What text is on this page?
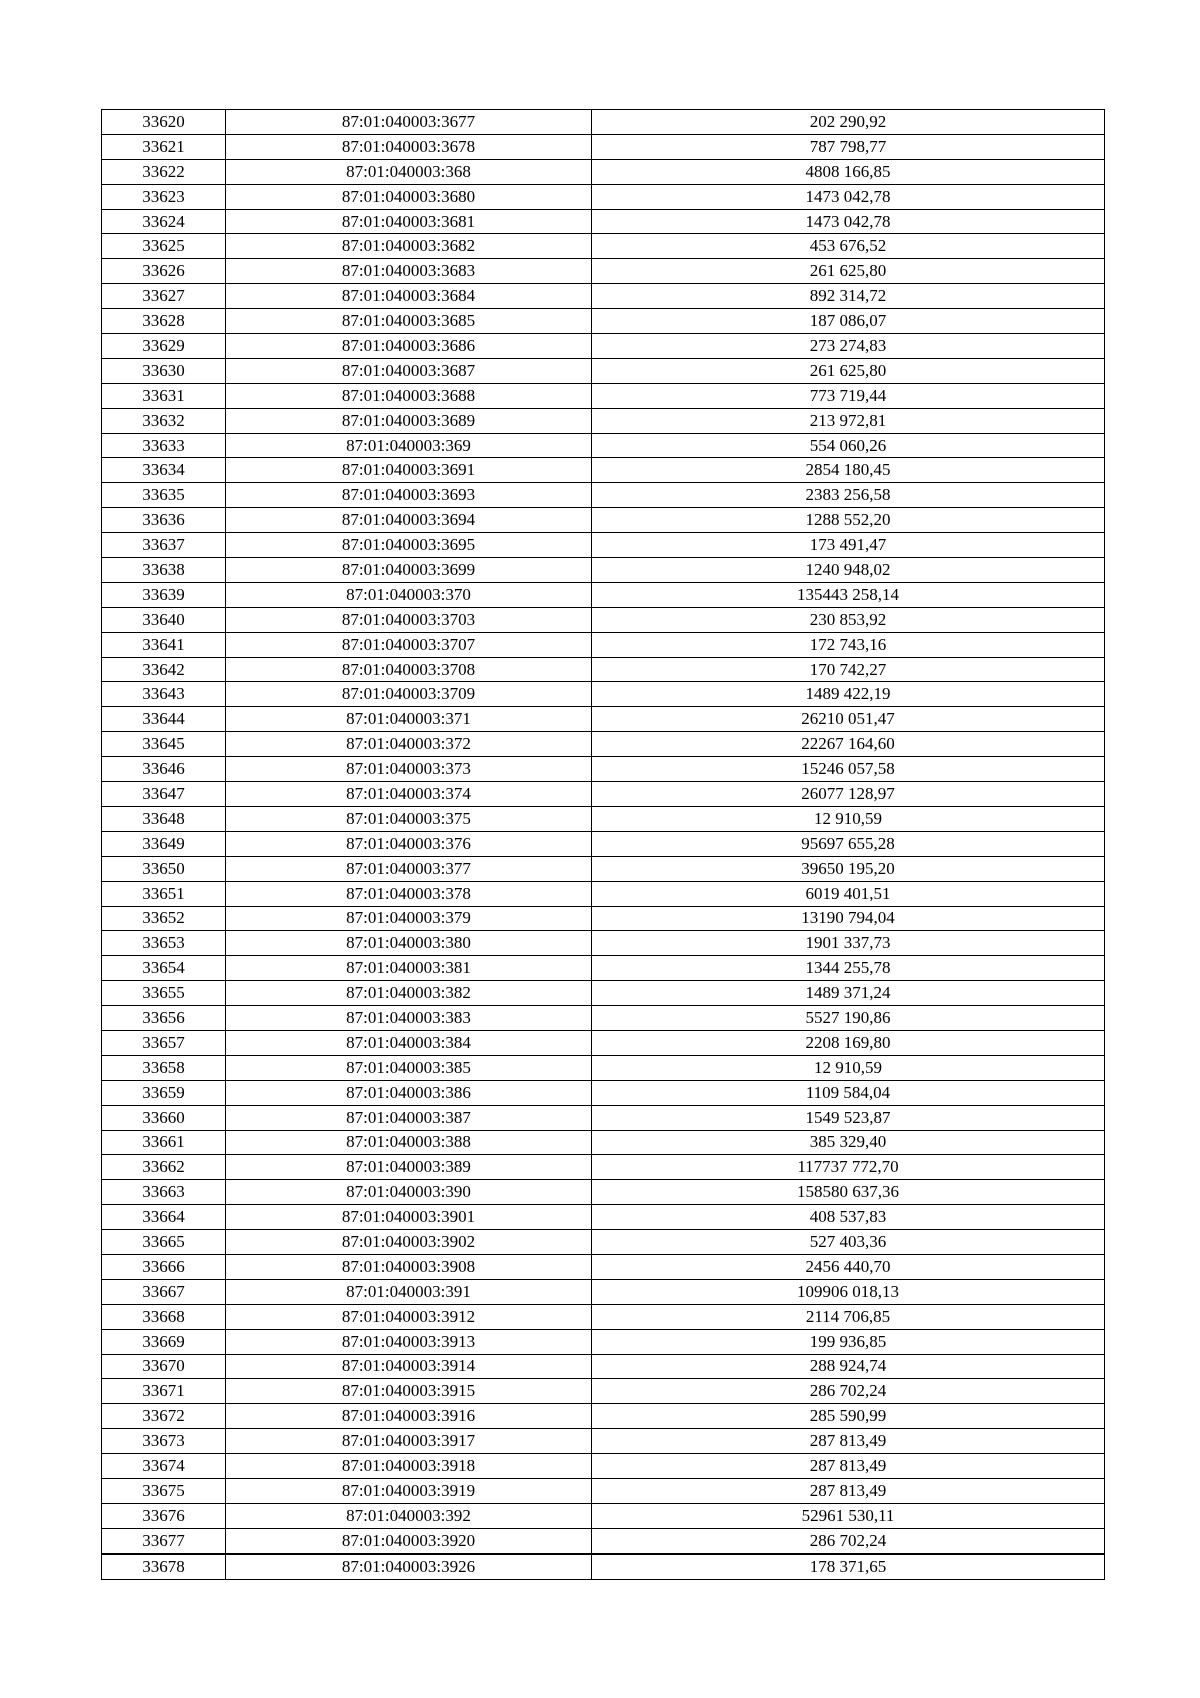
33620	87:01:040003:3677	202 290,92
33621	87:01:040003:3678	787 798,77
33622	87:01:040003:368	4808 166,85
33623	87:01:040003:3680	1473 042,78
33624	87:01:040003:3681	1473 042,78
33625	87:01:040003:3682	453 676,52
33626	87:01:040003:3683	261 625,80
33627	87:01:040003:3684	892 314,72
33628	87:01:040003:3685	187 086,07
33629	87:01:040003:3686	273 274,83
33630	87:01:040003:3687	261 625,80
33631	87:01:040003:3688	773 719,44
33632	87:01:040003:3689	213 972,81
33633	87:01:040003:369	554 060,26
33634	87:01:040003:3691	2854 180,45
33635	87:01:040003:3693	2383 256,58
33636	87:01:040003:3694	1288 552,20
33637	87:01:040003:3695	173 491,47
33638	87:01:040003:3699	1240 948,02
33639	87:01:040003:370	135443 258,14
33640	87:01:040003:3703	230 853,92
33641	87:01:040003:3707	172 743,16
33642	87:01:040003:3708	170 742,27
33643	87:01:040003:3709	1489 422,19
33644	87:01:040003:371	26210 051,47
33645	87:01:040003:372	22267 164,60
33646	87:01:040003:373	15246 057,58
33647	87:01:040003:374	26077 128,97
33648	87:01:040003:375	12 910,59
33649	87:01:040003:376	95697 655,28
33650	87:01:040003:377	39650 195,20
33651	87:01:040003:378	6019 401,51
33652	87:01:040003:379	13190 794,04
33653	87:01:040003:380	1901 337,73
33654	87:01:040003:381	1344 255,78
33655	87:01:040003:382	1489 371,24
33656	87:01:040003:383	5527 190,86
33657	87:01:040003:384	2208 169,80
33658	87:01:040003:385	12 910,59
33659	87:01:040003:386	1109 584,04
33660	87:01:040003:387	1549 523,87
33661	87:01:040003:388	385 329,40
33662	87:01:040003:389	117737 772,70
33663	87:01:040003:390	158580 637,36
33664	87:01:040003:3901	408 537,83
33665	87:01:040003:3902	527 403,36
33666	87:01:040003:3908	2456 440,70
33667	87:01:040003:391	109906 018,13
33668	87:01:040003:3912	2114 706,85
33669	87:01:040003:3913	199 936,85
33670	87:01:040003:3914	288 924,74
33671	87:01:040003:3915	286 702,24
33672	87:01:040003:3916	285 590,99
33673	87:01:040003:3917	287 813,49
33674	87:01:040003:3918	287 813,49
33675	87:01:040003:3919	287 813,49
33676	87:01:040003:392	52961 530,11
33677	87:01:040003:3920	286 702,24
33678	87:01:040003:3926	178 371,65
